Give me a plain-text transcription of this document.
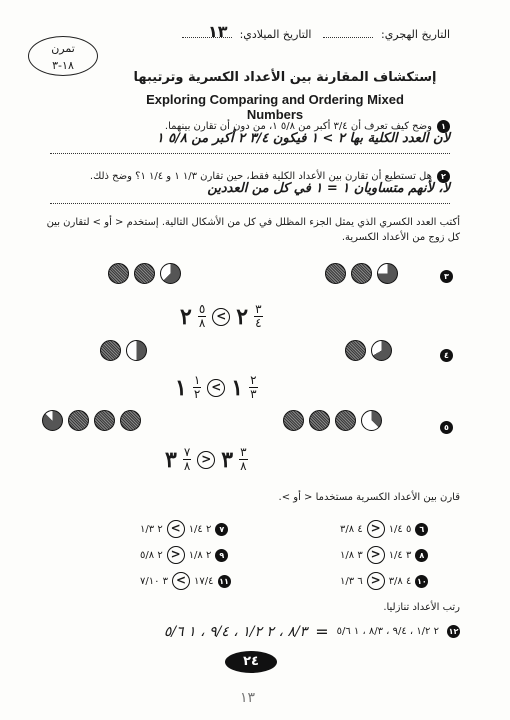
التاريخ الهجري: التاريخ الميلادي:
١٣
تمرن
١٨-٣
إستكشاف المقارنة بين الأعداد الكسرية وترتيبها
Exploring Comparing and Ordering Mixed Numbers
١ وضح كيف تعرف أن ٣/٤ أكبر من ٥/٨ ١، من دون أن تقارن بينهما.
لأن العدد الكلية بها ٢ > ١ فيكون ٣/٤ ٢ أكبر من ٥/٨ ١
٢ هل تستطيع أن تقارن بين الأعداد الكلية فقط، حين تقارن ١/٣ ١ و ١/٤ ١؟ وضح ذلك.
لا، لأنهم متساويان ١ = ١ في كل من العددين
أكتب العدد الكسري الذي يمثل الجزء المظلل في كل من الأشكال التالية. إستخدم < أو > لتقارن بين كل زوج من الأعداد الكسرية.
٣
٢ $\frac{٥}{٨}$ < ٢ $\frac{٣}{٤}$
٤
١ $\frac{١}{٢}$ < ١ $\frac{٢}{٣}$
٥
٣ $\frac{٧}{٨}$ > ٣ $\frac{٣}{٨}$
قارن بين الأعداد الكسرية مستخدما < أو >.
٦
٥ ١/٤
<
٤ ٣/٨
٨
٣ ١/٤
<
٣ ١/٨
١٠
٤ ٣/٨
<
٦ ١/٣
٧
٢ ١/٤
>
٢ ١/٣
٩
٢ ١/٨
<
٢ ٥/٨
١١
١٧/٤
>
٣ ٧/١٠
رتب الأعداد تنازليا.
١٢
٢ ١/٢ ، ٩/٤ ، ٨/٣ ، ١ ٥/٦
=
٨/٣ ، ٢ ١/٢ ، ٩/٤ ، ١ ٥/٦
٢٤
١٣
